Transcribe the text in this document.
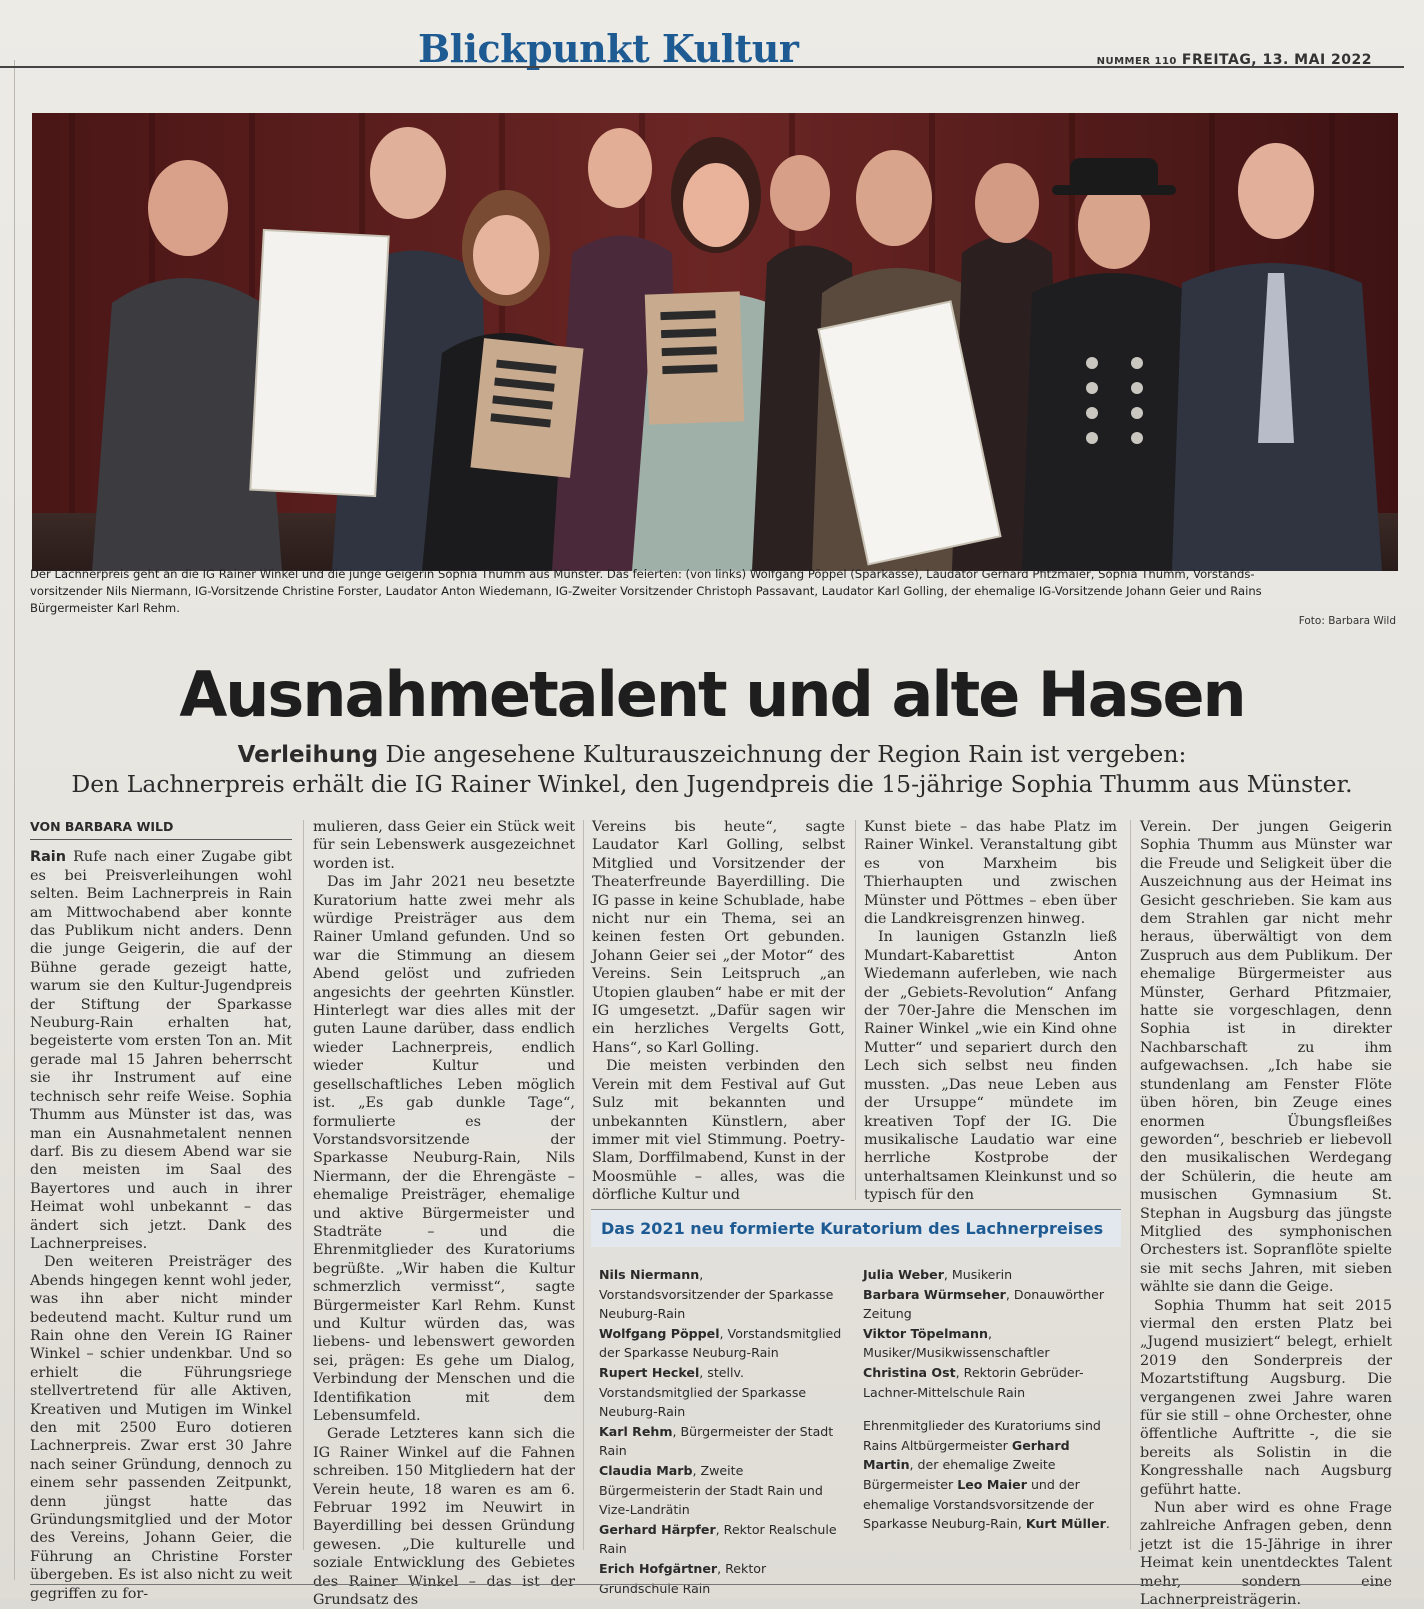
Blickpunkt Kultur	NUMMER 110 FREITAG, 13. MAI 2022
Der Lachnerpreis geht an die IG Rainer Winkel und die junge Geigerin Sophia Thumm aus Münster. Das feierten: (von links) Wolfgang Pöppel (Sparkasse), Laudator Gerhard Pfitzmaier, Sophia Thumm, Vorstands-
vorsitzender Nils Niermann, IG-Vorsitzende Christine Forster, Laudator Anton Wiedemann, IG-Zweiter Vorsitzender Christoph Passavant, Laudator Karl Golling, der ehemalige IG-Vorsitzende Johann Geier und Rains
Bürgermeister Karl Rehm.
Foto: Barbara Wild
Ausnahmetalent und alte Hasen
Verleihung Die angesehene Kulturauszeichnung der Region Rain ist vergeben:
Den Lachnerpreis erhält die IG Rainer Winkel, den Jugendpreis die 15-jährige Sophia Thumm aus Münster.

VON BARBARA WILD

Rain Rufe nach einer Zugabe gibt es bei Preisverleihungen wohl selten. Beim Lachnerpreis in Rain am Mittwochabend aber konnte das Publikum nicht anders. Denn die junge Geigerin, die auf der Bühne gerade gezeigt hatte, warum sie den Kultur-Jugendpreis der Stiftung der Sparkasse Neuburg-Rain erhalten hat, begeisterte vom ersten Ton an. Mit gerade mal 15 Jahren beherrscht sie ihr Instrument auf eine technisch sehr reife Weise. Sophia Thumm aus Münster ist das, was man ein Ausnahmetalent nennen darf. Bis zu diesem Abend war sie den meisten im Saal des Bayertores und auch in ihrer Heimat wohl unbekannt – das ändert sich jetzt. Dank des Lachnerpreises.

Den weiteren Preisträger des Abends hingegen kennt wohl jeder, was ihn aber nicht minder bedeutend macht. Kultur rund um Rain ohne den Verein IG Rainer Winkel – schier undenkbar. Und so erhielt die Führungsriege stellvertretend für alle Aktiven, Kreativen und Mutigen im Winkel den mit 2500 Euro dotieren Lachnerpreis. Zwar erst 30 Jahre nach seiner Gründung, dennoch zu einem sehr passenden Zeitpunkt, denn jüngst hatte das Gründungsmitglied und der Motor des Vereins, Johann Geier, die Führung an Christine Forster übergeben. Es ist also nicht zu weit gegriffen zu for-

mulieren, dass Geier ein Stück weit für sein Lebenswerk ausgezeichnet worden ist.

Das im Jahr 2021 neu besetzte Kuratorium hatte zwei mehr als würdige Preisträger aus dem Rainer Umland gefunden. Und so war die Stimmung an diesem Abend gelöst und zufrieden angesichts der geehrten Künstler. Hinterlegt war dies alles mit der guten Laune darüber, dass endlich wieder Lachnerpreis, endlich wieder Kultur und gesellschaftliches Leben möglich ist. „Es gab dunkle Tage“, formulierte es der Vorstandsvorsitzende der Sparkasse Neuburg-Rain, Nils Niermann, der die Ehrengäste – ehemalige Preisträger, ehemalige und aktive Bürgermeister und Stadträte – und die Ehrenmitglieder des Kuratoriums begrüßte. „Wir haben die Kultur schmerzlich vermisst“, sagte Bürgermeister Karl Rehm. Kunst und Kultur würden das, was liebens- und lebenswert geworden sei, prägen: Es gehe um Dialog, Verbindung der Menschen und die Identifikation mit dem Lebensumfeld.

Gerade Letzteres kann sich die IG Rainer Winkel auf die Fahnen schreiben. 150 Mitgliedern hat der Verein heute, 18 waren es am 6. Februar 1992 im Neuwirt in Bayerdilling bei dessen Gründung gewesen. „Die kulturelle und soziale Entwicklung des Gebietes des Rainer Winkel – das ist der Grundsatz des

Vereins bis heute“, sagte Laudator Karl Golling, selbst Mitglied und Vorsitzender der Theaterfreunde Bayerdilling. Die IG passe in keine Schublade, habe nicht nur ein Thema, sei an keinen festen Ort gebunden. Johann Geier sei „der Motor“ des Vereins. Sein Leitspruch „an Utopien glauben“ habe er mit der IG umgesetzt. „Dafür sagen wir ein herzliches Vergelts Gott, Hans“, so Karl Golling.

Die meisten verbinden den Verein mit dem Festival auf Gut Sulz mit bekannten und unbekannten Künstlern, aber immer mit viel Stimmung. Poetry-Slam, Dorffilmabend, Kunst in der Moosmühle – alles, was die dörfliche Kultur und

Kunst biete – das habe Platz im Rainer Winkel. Veranstaltung gibt es von Marxheim bis Thierhaupten und zwischen Münster und Pöttmes – eben über die Landkreisgrenzen hinweg.

In launigen Gstanzln ließ Mundart-Kabarettist Anton Wiedemann auferleben, wie nach der „Gebiets-Revolution“ Anfang der 70er-Jahre die Menschen im Rainer Winkel „wie ein Kind ohne Mutter“ und separiert durch den Lech sich selbst neu finden mussten. „Das neue Leben aus der Ursuppe“ mündete im kreativen Topf der IG. Die musikalische Laudatio war eine herrliche Kostprobe der unterhaltsamen Kleinkunst und so typisch für den

Verein. Der jungen Geigerin Sophia Thumm aus Münster war die Freude und Seligkeit über die Auszeichnung aus der Heimat ins Gesicht geschrieben. Sie kam aus dem Strahlen gar nicht mehr heraus, überwältigt von dem Zuspruch aus dem Publikum. Der ehemalige Bürgermeister aus Münster, Gerhard Pfitzmaier, hatte sie vorgeschlagen, denn Sophia ist in direkter Nachbarschaft zu ihm aufgewachsen. „Ich habe sie stundenlang am Fenster Flöte üben hören, bin Zeuge eines enormen Übungsfleißes geworden“, beschrieb er liebevoll den musikalischen Werdegang der Schülerin, die heute am musischen Gymnasium St. Stephan in Augsburg das jüngste Mitglied des symphonischen Orchesters ist. Sopranflöte spielte sie mit sechs Jahren, mit sieben wählte sie dann die Geige.

Sophia Thumm hat seit 2015 viermal den ersten Platz bei „Jugend musiziert“ belegt, erhielt 2019 den Sonderpreis der Mozartstiftung Augsburg. Die vergangenen zwei Jahre waren für sie still – ohne Orchester, ohne öffentliche Auftritte -, die sie bereits als Solistin in die Kongresshalle nach Augsburg geführt hatte.

Nun aber wird es ohne Frage zahlreiche Anfragen geben, denn jetzt ist die 15-Jährige in ihrer Heimat kein unentdecktes Talent mehr, sondern eine Lachnerpreisträgerin.

Das 2021 neu formierte Kuratorium des Lachnerpreises
Nils Niermann, Vorstandsvorsitzender der Sparkasse Neuburg-Rain
Wolfgang Pöppel, Vorstandsmitglied der Sparkasse Neuburg-Rain
Rupert Heckel, stellv. Vorstandsmitglied der Sparkasse Neuburg-Rain
Karl Rehm, Bürgermeister der Stadt Rain
Claudia Marb, Zweite Bürgermeisterin der Stadt Rain und Vize-Landrätin
Gerhard Härpfer, Rektor Realschule Rain
Erich Hofgärtner, Rektor Grundschule Rain
Julia Weber, Musikerin
Barbara Würmseher, Donauwörther Zeitung
Viktor Töpelmann, Musiker/Musikwissenschaftler
Christina Ost, Rektorin Gebrüder-Lachner-Mittelschule Rain

Ehrenmitglieder des Kuratoriums sind Rains Altbürgermeister Gerhard Martin, der ehemalige Zweite Bürgermeister Leo Maier und der ehemalige Vorstandsvorsitzende der Sparkasse Neuburg-Rain, Kurt Müller.
